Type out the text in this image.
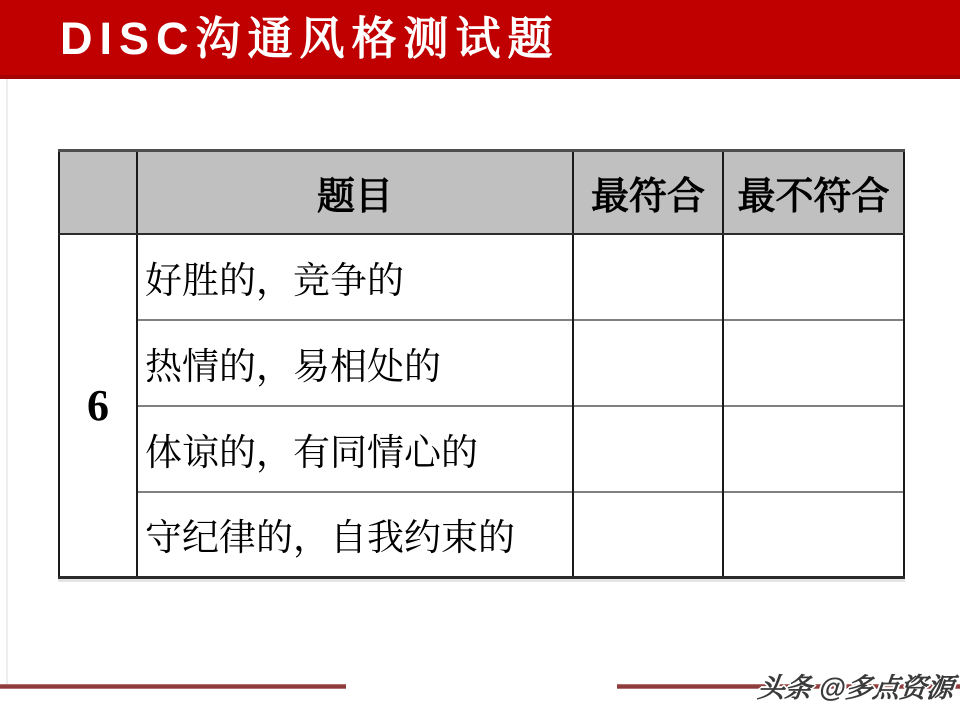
DISC沟通风格测试题
	题目	最符合	最不符合
6	好胜的，竞争的		
	热情的，易相处的		
	体谅的，有同情心的		
	守纪律的，自我约束的		
头条 @多点资源
